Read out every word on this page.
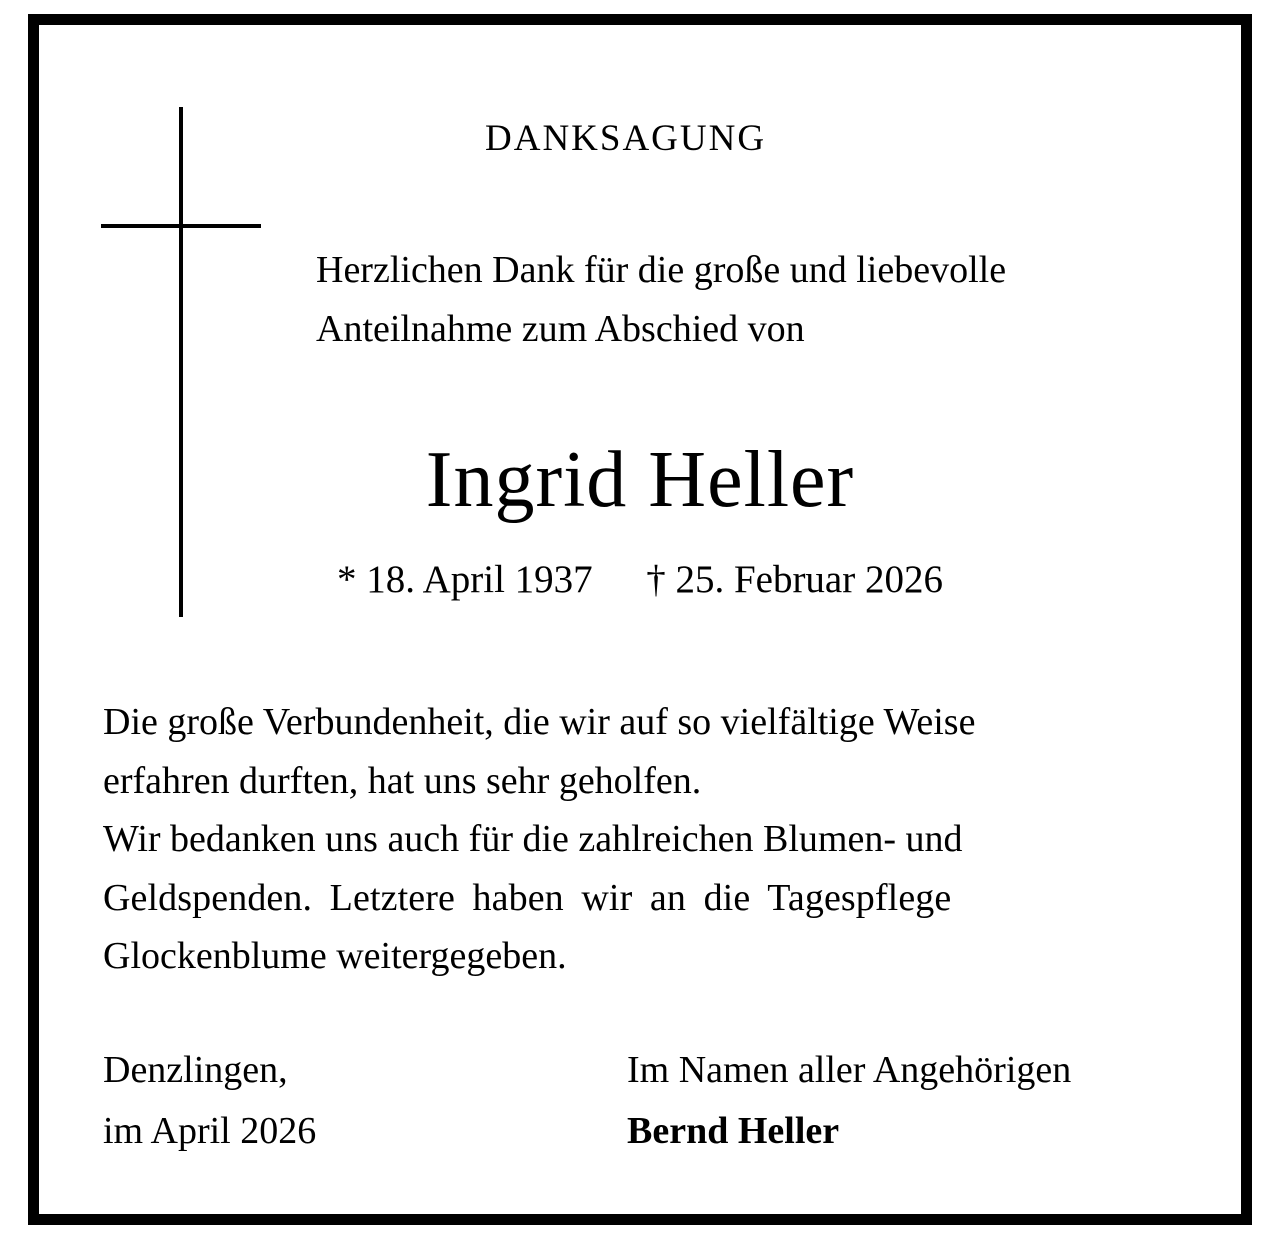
DANKSAGUNG
Herzlichen Dank für die große und liebevolle
Anteilnahme zum Abschied von
Ingrid Heller
* 18. April 1937 † 25. Februar 2026
Die große Verbundenheit, die wir auf so vielfältige Weise
erfahren durften, hat uns sehr geholfen.
Wir bedanken uns auch für die zahlreichen Blumen- und
Geldspenden. Letztere haben wir an die Tagespflege
Glockenblume weitergegeben.
Denzlingen,
im April 2026
Im Namen aller Angehörigen
Bernd Heller
